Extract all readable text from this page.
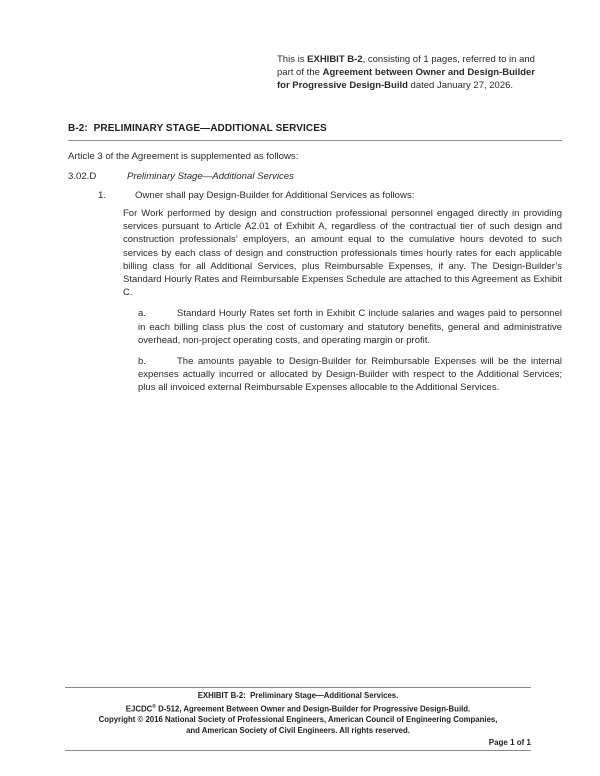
This is EXHIBIT B-2, consisting of 1 pages, referred to in and part of the Agreement between Owner and Design-Builder for Progressive Design-Build dated January 27, 2026.
B-2:  PRELIMINARY STAGE—ADDITIONAL SERVICES

Article 3 of the Agreement is supplemented as follows:

3.02.D	Preliminary Stage—Additional Services

1.	Owner shall pay Design-Builder for Additional Services as follows:

For Work performed by design and construction professional personnel engaged directly in providing services pursuant to Article A2.01 of Exhibit A, regardless of the contractual tier of such design and construction professionals’ employers, an amount equal to the cumulative hours devoted to such services by each class of design and construction professionals times hourly rates for each applicable billing class for all Additional Services, plus Reimbursable Expenses, if any. The Design-Builder’s Standard Hourly Rates and Reimbursable Expenses Schedule are attached to this Agreement as Exhibit C.

a.	Standard Hourly Rates set forth in Exhibit C include salaries and wages paid to personnel in each billing class plus the cost of customary and statutory benefits, general and administrative overhead, non-project operating costs, and operating margin or profit.

b.	The amounts payable to Design-Builder for Reimbursable Expenses will be the internal expenses actually incurred or allocated by Design-Builder with respect to the Additional Services; plus all invoiced external Reimbursable Expenses allocable to the Additional Services.

EXHIBIT B-2:  Preliminary Stage—Additional Services.
EJCDC® D-512, Agreement Between Owner and Design-Builder for Progressive Design-Build.
Copyright © 2016 National Society of Professional Engineers, American Council of Engineering Companies,
and American Society of Civil Engineers. All rights reserved.
Page 1 of 1
